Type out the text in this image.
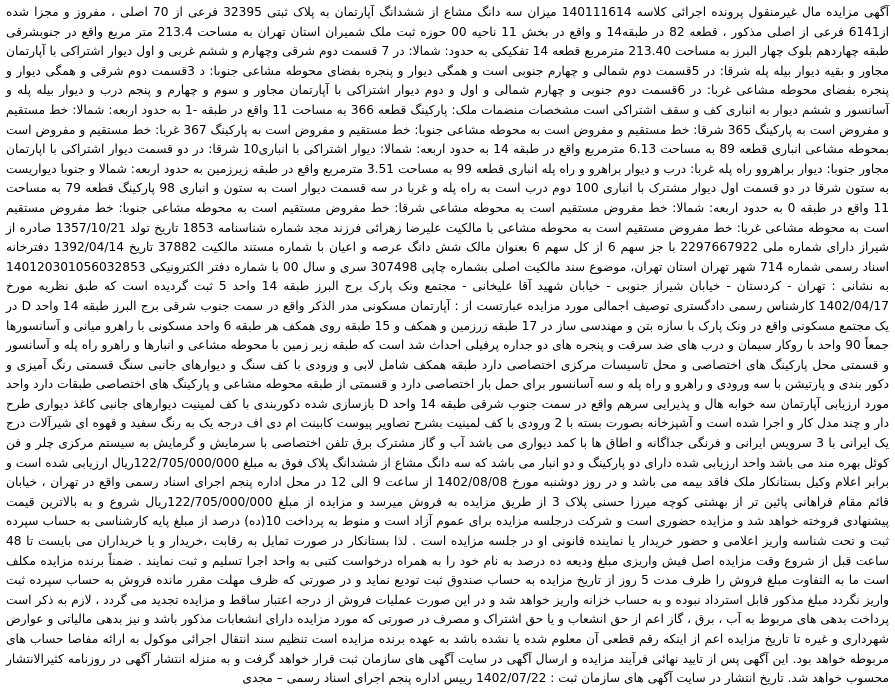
آگهی مزایده مال غیرمنقول پرونده اجرائی کلاسه 140111614 میزان سه دانگ مشاع از ششدانگ آپارتمان به پلاک ثبتی 32395 فرعی از 70 اصلی ، مفروز و مجزا شده از6141 فرعی از اصلی مذکور ، قطعه 82 در طبقه14 و واقع در بخش 11 ناحیه 00 حوزه ثبت ملک شمیران استان تهران به مساحت 213.4 متر مربع واقع در جنوبشرقی طبقه چهاردهم بلوک چهار البرز به مساحت 213.40 مترمربع قطعه 14 تفکیکی به حدود: شمالا: در 7 قسمت دوم شرقی وچهارم و ششم غربی و اول دیوار اشتراکی با آپارتمان مجاور و بقیه دیوار بیله پله شرقا: در 5قسمت دوم شمالی و چهارم جنوبی است و همگی دیوار و پنجره بفضای محوطه مشاعی جنوبا: د 3قسمت دوم شرقی و همگی دیوار و پنجره بفضای محوطه مشاعی غربا: در 6قسمت دوم جنوبی و چهارم شمالی و اول و دوم دیوار اشتراکی با آپارتمان مجاور و سوم و چهارم و پنجم درب و دیوار بیله پله و آسانسور و ششم دیوار به انباری کف و سقف اشتراکی است مشخصات منضمات ملک: پارکینگ قطعه 366 به مساحت 11 واقع در طبقه -1 به حدود اربعه: شمالا: خط مستقیم و مفروض است به پارکینگ 365 شرقا: خط مستقیم و مفروض است به محوطه مشاعی جنوبا: خط مستقیم و مفروض است به پارکینگ 367 غربا: خط مستقیم و مفروض است بمحوطه مشاعی انباری قطعه 89 به مساحت 6.13 مترمربع واقع در طبقه 14 به حدود اربعه: شمالا: دیوار اشتراکی با انباری10 شرقا: در دو قسمت دیوار اشتراکی با اپارتمان مجاور جنوبا: دیوار براهروو راه پله غربا: درب و دیوار براهرو و راه پله انباری قطعه 99 به مساحت 3.51 مترمربع واقع در طبقه زیرزمین به حدود اربعه: شمالا و جنوبا دیواریست به ستون شرقا در دو قسمت اول دیوار مشترک با انباری 100 دوم درب است به راه پله و غربا در سه قسمت دیوار است به ستون و انباری 98 پارکینگ قطعه 79 به مساحت 11 واقع در طبقه 0 به حدود اربعه: شمالا: خط مفروض مستقیم است به محوطه مشاعی شرقا: خط مفروض مستقیم است به محوطه مشاعی جنوبا: خط مفروض مستقیم است به محوطه مشاعی غربا: خط مفروض مستقیم است به محوطه مشاعی با مالکیت علیرضا زهرائی فرزند مجد شماره شناسنامه 1853 تاریخ تولد 1357/10/21 صادره از شیراز دارای شماره ملی 2297667922 با جز سهم 6 از کل سهم 6 بعنوان مالک شش دانگ عرصه و اعیان با شماره مستند مالکیت 37882 تاریخ 1392/04/14 دفترخانه اسناد رسمی شماره 714 شهر تهران استان تهران، موضوع سند مالکیت اصلی بشماره چاپی 307498 سری و سال 00 با شماره دفتر الکترونیکی 140120301056032853 به نشانی : تهران - کردستان - خیابان شیراز جنوبی - خیابان شهید آقا علیخانی - مجتمع ونک پارک برج البرز طبقه 14 واحد 5 ثبت گردیده است که طبق نظریه مورخ 1402/04/17 کارشناس رسمی دادگستری توصیف اجمالی مورد مزایده عبارتست از : آپارتمان مسکونی مدر الذکر واقع در سمت جنوب شرقی برج البرز طبقه 14 واحد D در یک مجتمع مسکونی واقع در ونک پارک با سازه بتن و مهندسی ساز در 17 طبقه زرزمین و همکف و 15 طبقه روی همکف هر طبقه 6 واحد مسکونی با راهرو میانی و آسانسورها جمعاً 90 واحد با روکار سیمان و درب های ضد سرقت و پنجره های دو جداره پرفیلی احداث شد است که طبقه زیر زمین با محوطه مشاعی و انبارها و راهرو راه پله و آسانسور و قسمتی محل پارکینگ های اختصاصی و محل تاسیسات مرکزی اختصاصی دارد طبقه همکف شامل لابی و ورودی با کف سنگ و دیوارهای جانبی سنگ قسمتی رنگ آمیزی و دکور بندی و پارتیشن با سه ورودی و راهرو و راه پله و سه آسانسور برای حمل بار اختصاصی دارد و قسمتی از طبقه محوطه مشاعی و پارکینگ های اختصاصی طبقات دارد واحد مورد ارزیابی آپارتمان سه خوابه هال و پذیرایی سرهم واقع در سمت جنوب شرقی طبقه 14 واحد D بازسازی شده دکوربندی با کف لمینیت دیوارهای جانبی کاغذ دیواری طرح دار و چند مدل کار و اجرا شده است و آشپزخانه بصورت بسته با 2 ورودی با کف لمینیت بشرح تصاویر پیوست کابینت ام دی اف درجه یک به رنگ سفید و قهوه ای شیرآلات درج یک ایرانی با 3 سرویس ایرانی و فرنگی جداگانه و اطاق ها با کمد دیواری می باشد آب و گاز مشترک برق تلفن اختصاصی با سرمایش و گرمایش به سیستم مرکزی چلر و فن کوئل بهره مند می باشد واحد ارزیابی شده دارای دو پارکینگ و دو انبار می باشد که سه دانگ مشاع از ششدانگ پلاک فوق به مبلغ 122/705/000/000ریال ارزیابی شده است و برابر اعلام وکیل بستانکار ملک فاقد بیمه می باشد و در روز دوشنبه مورخ 1402/08/08 از ساعت 9 الی 12 در محل اداره پنجم اجرای اسناد رسمی واقع در تهران ، خیابان قائم مقام فراهانی پائین تر از بهشتی کوچه میرزا حسنی پلاک 3 از طریق مزایده به فروش میرسد و مزایده از مبلغ 122/705/000/000ریال شروع و به بالاترین قیمت پیشنهادی فروخته خواهد شد و مزایده حضوری است و شرکت درجلسه مزایده برای عموم آزاد است و منوط به پرداخت 10(ده) درصد از مبلغ پایه کارشناسی به حساب سپرده ثبت و تحت شناسه واریز اعلامی و حضور خریدار یا نماینده قانونی او در جلسه مزایده است . لذا بستانکار در صورت تمایل به رقابت ،خریدار و یا خریداران می بایست تا 48 ساعت قبل از شروع وقت مزایده اصل فیش واریزی مبلغ ودیعه ده درصد به نام خود را به همراه درخواست کتبی به واحد اجرا تسلیم و ثبت نمایند . ضمناً برنده مزایده مکلف است ما به التفاوت مبلغ فروش را ظرف مدت 5 روز از تاریخ مزایده به حساب صندوق ثبت تودیع نماید و در صورتی که ظرف مهلت مقرر مانده فروش به حساب سپرده ثبت واریز نگردد مبلغ مذکور قابل استرداد نبوده و به حساب خزانه واریز خواهد شد و در این صورت عملیات فروش از درجه اعتبار ساقط و مزایده تجدید می گردد ، لازم به ذکر است پرداخت بدهی های مربوط به آب ، برق ، گاز اعم از حق انشعاب و یا حق اشتراک و مصرف در صورتی که مورد مزایده دارای انشعابات مذکور باشد و نیز بدهی مالیاتی و عوارض شهرداری و غیره تا تاریخ مزایده اعم از اینکه رقم قطعی آن معلوم شده یا نشده باشد به عهده برنده مزایده است تنظیم سند انتقال اجرائی موکول به ارائه مفاصا حساب های مربوطه خواهد بود. این آگهی پس از تایید نهائی فرآیند مزایده و ارسال آگهی در سایت آگهی های سازمان ثبت قرار خواهد گرفت و به منزله انتشار آگهی در روزنامه کثیرالانتشار محسوب خواهد شد. تاریخ انتشار در سایت آگهی های سازمان ثبت : 1402/07/22 رییس اداره پنجم اجرای اسناد رسمی – مجدی
